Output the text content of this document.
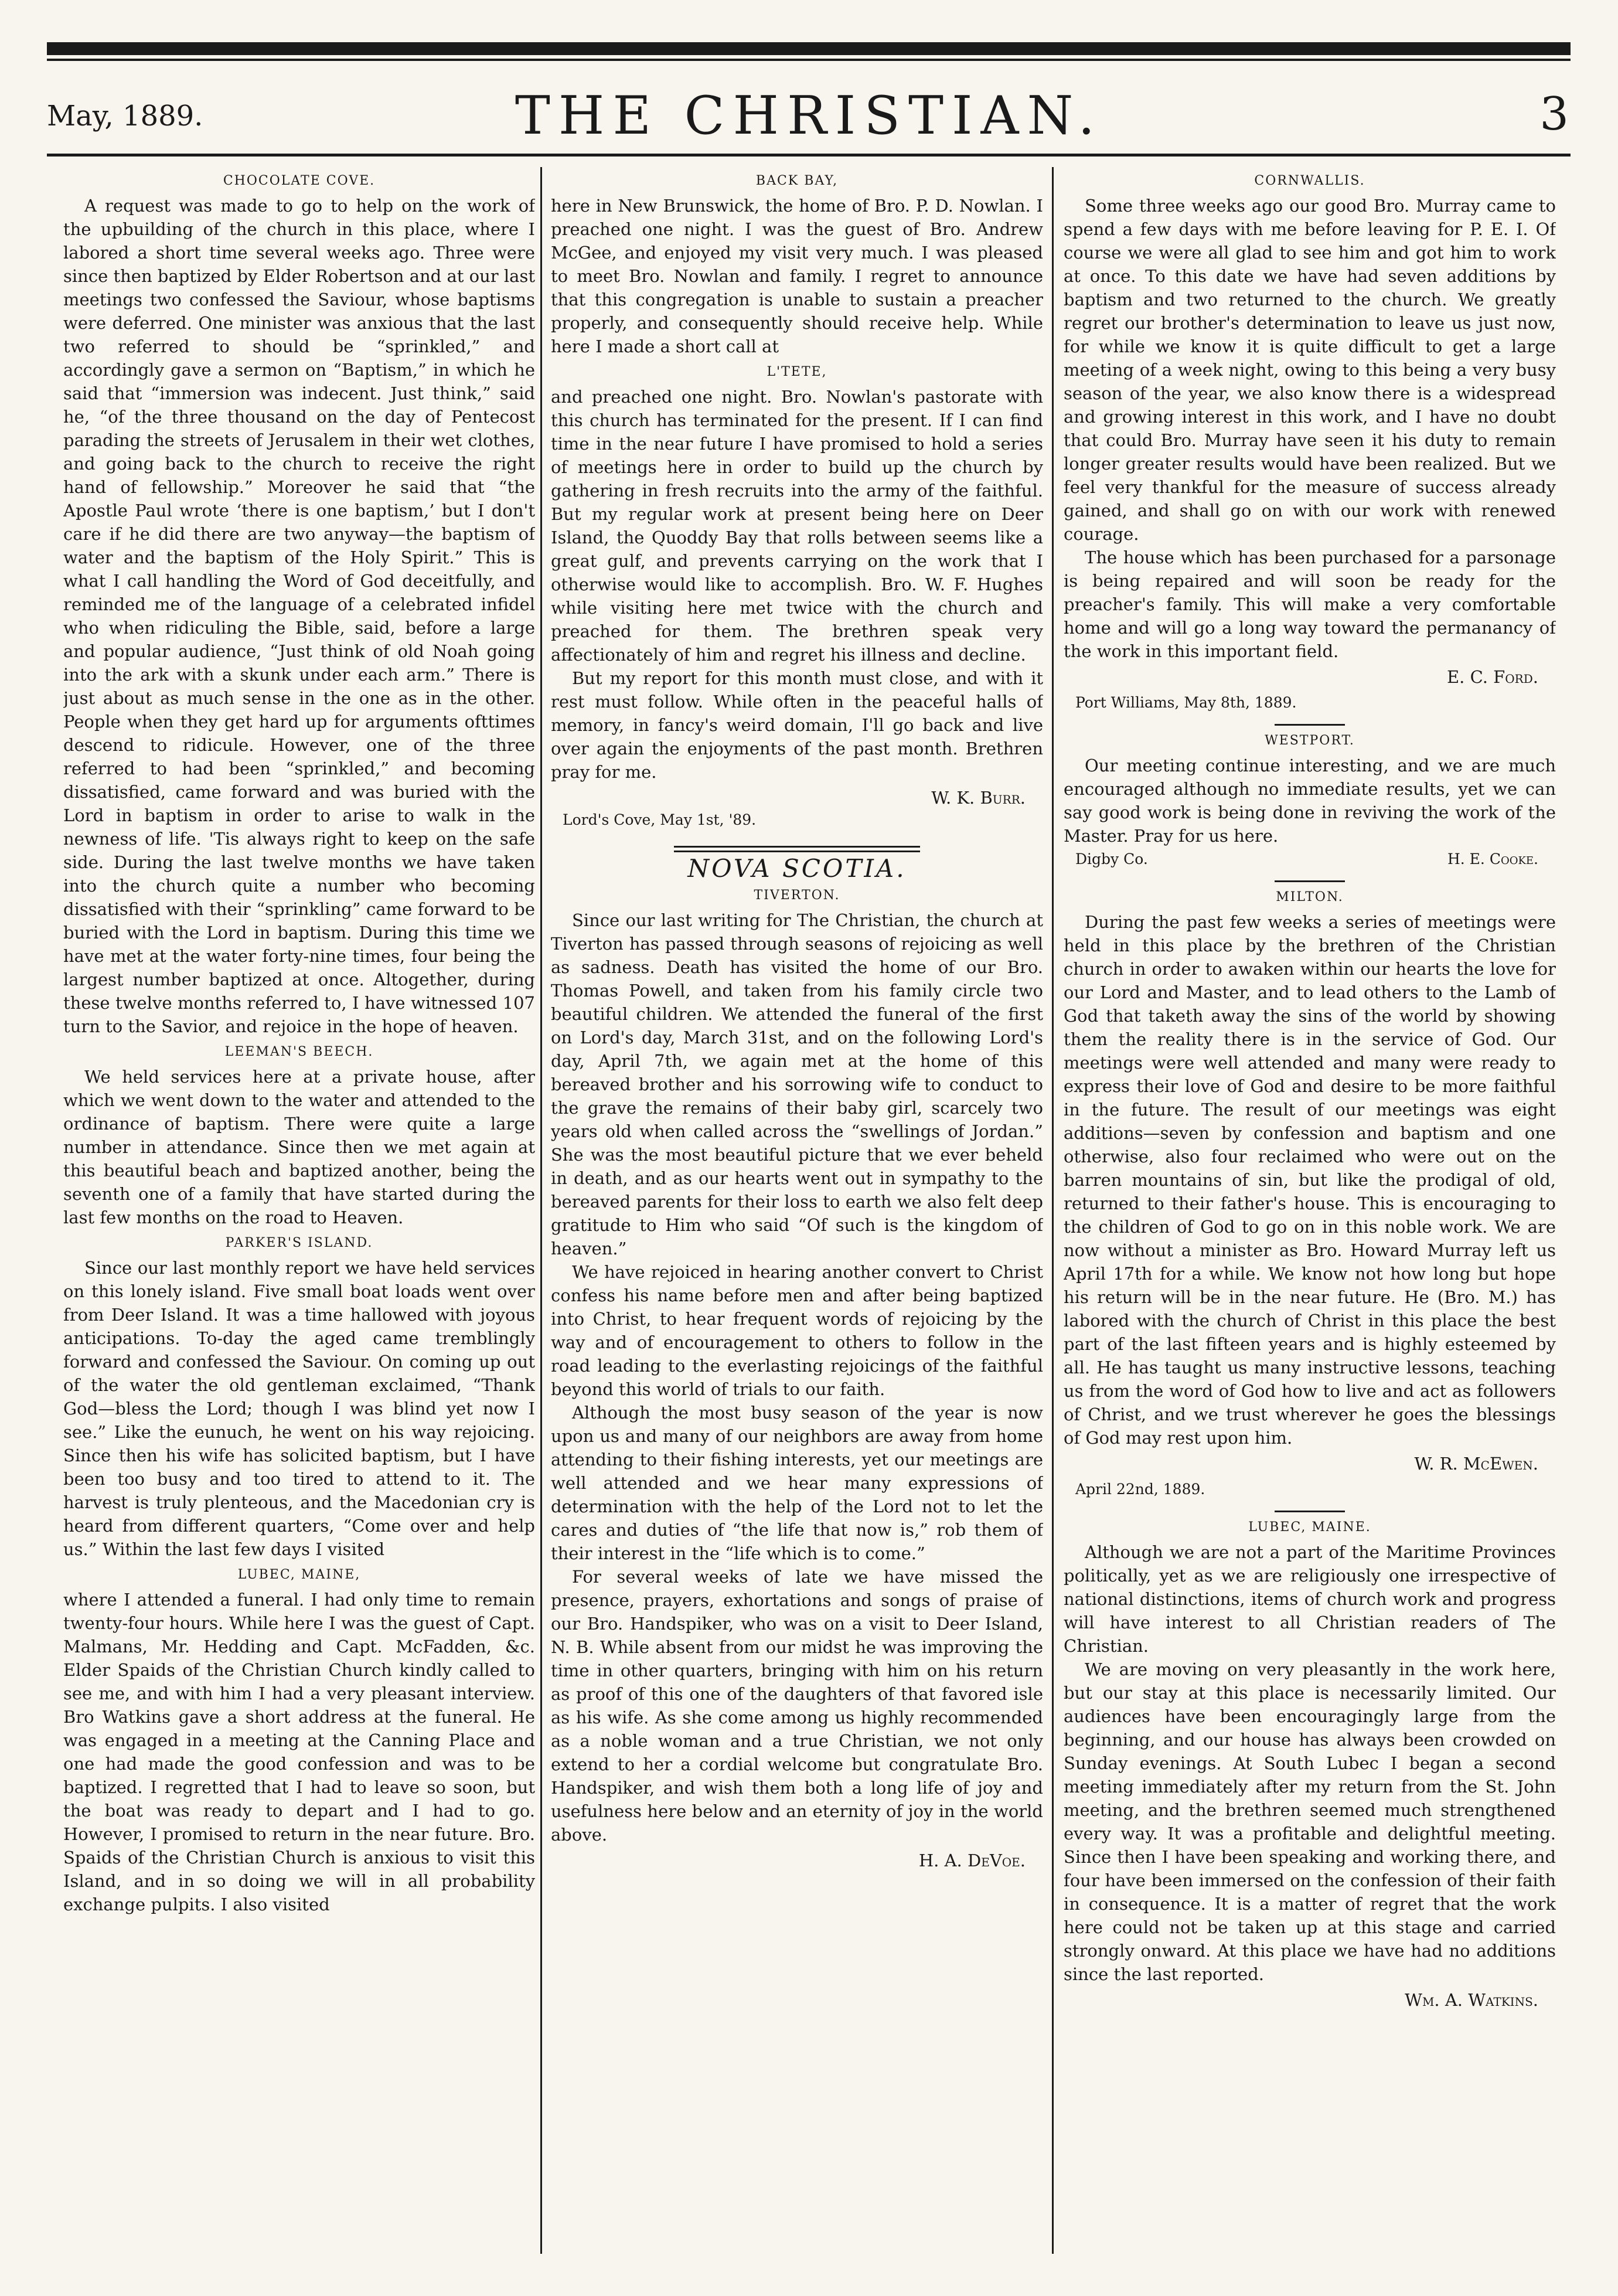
May, 1889.	THE CHRISTIAN.	3
CHOCOLATE COVE.

A request was made to go to help on the work of the upbuilding of the church in this place, where I labored a short time several weeks ago. Three were since then baptized by Elder Robertson and at our last meetings two confessed the Saviour, whose baptisms were deferred. One minister was anxious that the last two referred to should be “sprinkled,” and accordingly gave a sermon on “Baptism,” in which he said that “immersion was indecent. Just think,” said he, “of the three thousand on the day of Pentecost parading the streets of Jerusalem in their wet clothes, and going back to the church to receive the right hand of fellowship.” Moreover he said that “the Apostle Paul wrote ‘there is one baptism,’ but I don't care if he did there are two anyway—the baptism of water and the baptism of the Holy Spirit.” This is what I call handling the Word of God deceitfully, and reminded me of the language of a celebrated infidel who when ridiculing the Bible, said, before a large and popular audience, “Just think of old Noah going into the ark with a skunk under each arm.” There is just about as much sense in the one as in the other. People when they get hard up for arguments ofttimes descend to ridicule. However, one of the three referred to had been “sprinkled,” and becoming dissatisfied, came forward and was buried with the Lord in baptism in order to arise to walk in the newness of life. 'Tis always right to keep on the safe side. During the last twelve months we have taken into the church quite a number who becoming dissatisfied with their “sprinkling” came forward to be buried with the Lord in baptism. During this time we have met at the water forty-nine times, four being the largest number baptized at once. Altogether, during these twelve months referred to, I have witnessed 107 turn to the Savior, and rejoice in the hope of heaven.

LEEMAN'S BEECH.

We held services here at a private house, after which we went down to the water and attended to the ordinance of baptism. There were quite a large number in attendance. Since then we met again at this beautiful beach and baptized another, being the seventh one of a family that have started during the last few months on the road to Heaven.

PARKER'S ISLAND.

Since our last monthly report we have held services on this lonely island. Five small boat loads went over from Deer Island. It was a time hallowed with joyous anticipations. To-day the aged came tremblingly forward and confessed the Saviour. On coming up out of the water the old gentleman exclaimed, “Thank God—bless the Lord; though I was blind yet now I see.” Like the eunuch, he went on his way rejoicing. Since then his wife has solicited baptism, but I have been too busy and too tired to attend to it. The harvest is truly plenteous, and the Macedonian cry is heard from different quarters, “Come over and help us.” Within the last few days I visited

LUBEC, MAINE,

where I attended a funeral. I had only time to remain twenty-four hours. While here I was the guest of Capt. Malmans, Mr. Hedding and Capt. McFadden, &c. Elder Spaids of the Christian Church kindly called to see me, and with him I had a very pleasant interview. Bro Watkins gave a short address at the funeral. He was engaged in a meeting at the Canning Place and one had made the good confession and was to be baptized. I regretted that I had to leave so soon, but the boat was ready to depart and I had to go. However, I promised to return in the near future. Bro. Spaids of the Christian Church is anxious to visit this Island, and in so doing we will in all probability exchange pulpits. I also visited

BACK BAY,

here in New Brunswick, the home of Bro. P. D. Nowlan. I preached one night. I was the guest of Bro. Andrew McGee, and enjoyed my visit very much. I was pleased to meet Bro. Nowlan and family. I regret to announce that this congregation is unable to sustain a preacher properly, and consequently should receive help. While here I made a short call at

L'TETE,

and preached one night. Bro. Nowlan's pastorate with this church has terminated for the present. If I can find time in the near future I have promised to hold a series of meetings here in order to build up the church by gathering in fresh recruits into the army of the faithful. But my regular work at present being here on Deer Island, the Quoddy Bay that rolls between seems like a great gulf, and prevents carrying on the work that I otherwise would like to accomplish. Bro. W. F. Hughes while visiting here met twice with the church and preached for them. The brethren speak very affectionately of him and regret his illness and decline.

But my report for this month must close, and with it rest must follow. While often in the peaceful halls of memory, in fancy's weird domain, I'll go back and live over again the enjoyments of the past month. Brethren pray for me.

W. K. Burr.
Lord's Cove, May 1st, '89.
NOVA SCOTIA.
TIVERTON.

Since our last writing for The Christian, the church at Tiverton has passed through seasons of rejoicing as well as sadness. Death has visited the home of our Bro. Thomas Powell, and taken from his family circle two beautiful children. We attended the funeral of the first on Lord's day, March 31st, and on the following Lord's day, April 7th, we again met at the home of this bereaved brother and his sorrowing wife to conduct to the grave the remains of their baby girl, scarcely two years old when called across the “swellings of Jordan.” She was the most beautiful picture that we ever beheld in death, and as our hearts went out in sympathy to the bereaved parents for their loss to earth we also felt deep gratitude to Him who said “Of such is the kingdom of heaven.”

We have rejoiced in hearing another convert to Christ confess his name before men and after being baptized into Christ, to hear frequent words of rejoicing by the way and of encouragement to others to follow in the road leading to the everlasting rejoicings of the faithful beyond this world of trials to our faith.

Although the most busy season of the year is now upon us and many of our neighbors are away from home attending to their fishing interests, yet our meetings are well attended and we hear many expressions of determination with the help of the Lord not to let the cares and duties of “the life that now is,” rob them of their interest in the “life which is to come.”

For several weeks of late we have missed the presence, prayers, exhortations and songs of praise of our Bro. Handspiker, who was on a visit to Deer Island, N. B. While absent from our midst he was improving the time in other quarters, bringing with him on his return as proof of this one of the daughters of that favored isle as his wife. As she come among us highly recommended as a noble woman and a true Christian, we not only extend to her a cordial welcome but congratulate Bro. Handspiker, and wish them both a long life of joy and usefulness here below and an eternity of joy in the world above.

H. A. DeVoe.
CORNWALLIS.

Some three weeks ago our good Bro. Murray came to spend a few days with me before leaving for P. E. I. Of course we were all glad to see him and got him to work at once. To this date we have had seven additions by baptism and two returned to the church. We greatly regret our brother's determination to leave us just now, for while we know it is quite difficult to get a large meeting of a week night, owing to this being a very busy season of the year, we also know there is a widespread and growing interest in this work, and I have no doubt that could Bro. Murray have seen it his duty to remain longer greater results would have been realized. But we feel very thankful for the measure of success already gained, and shall go on with our work with renewed courage.

The house which has been purchased for a parsonage is being repaired and will soon be ready for the preacher's family. This will make a very comfortable home and will go a long way toward the permanancy of the work in this important field.

E. C. Ford.
Port Williams, May 8th, 1889.
WESTPORT.

Our meeting continue interesting, and we are much encouraged although no immediate results, yet we can say good work is being done in reviving the work of the Master. Pray for us here.

Digby Co.	H. E. Cooke.
MILTON.

During the past few weeks a series of meetings were held in this place by the brethren of the Christian church in order to awaken within our hearts the love for our Lord and Master, and to lead others to the Lamb of God that taketh away the sins of the world by showing them the reality there is in the service of God. Our meetings were well attended and many were ready to express their love of God and desire to be more faithful in the future. The result of our meetings was eight additions—seven by confession and baptism and one otherwise, also four reclaimed who were out on the barren mountains of sin, but like the prodigal of old, returned to their father's house. This is encouraging to the children of God to go on in this noble work. We are now without a minister as Bro. Howard Murray left us April 17th for a while. We know not how long but hope his return will be in the near future. He (Bro. M.) has labored with the church of Christ in this place the best part of the last fifteen years and is highly esteemed by all. He has taught us many instructive lessons, teaching us from the word of God how to live and act as followers of Christ, and we trust wherever he goes the blessings of God may rest upon him.

W. R. McEwen.
April 22nd, 1889.
LUBEC, MAINE.

Although we are not a part of the Maritime Provinces politically, yet as we are religiously one irrespective of national distinctions, items of church work and progress will have interest to all Christian readers of The Christian.

We are moving on very pleasantly in the work here, but our stay at this place is necessarily limited. Our audiences have been encouragingly large from the beginning, and our house has always been crowded on Sunday evenings. At South Lubec I began a second meeting immediately after my return from the St. John meeting, and the brethren seemed much strengthened every way. It was a profitable and delightful meeting. Since then I have been speaking and working there, and four have been immersed on the confession of their faith in consequence. It is a matter of regret that the work here could not be taken up at this stage and carried strongly onward. At this place we have had no additions since the last reported.

Wm. A. Watkins.
